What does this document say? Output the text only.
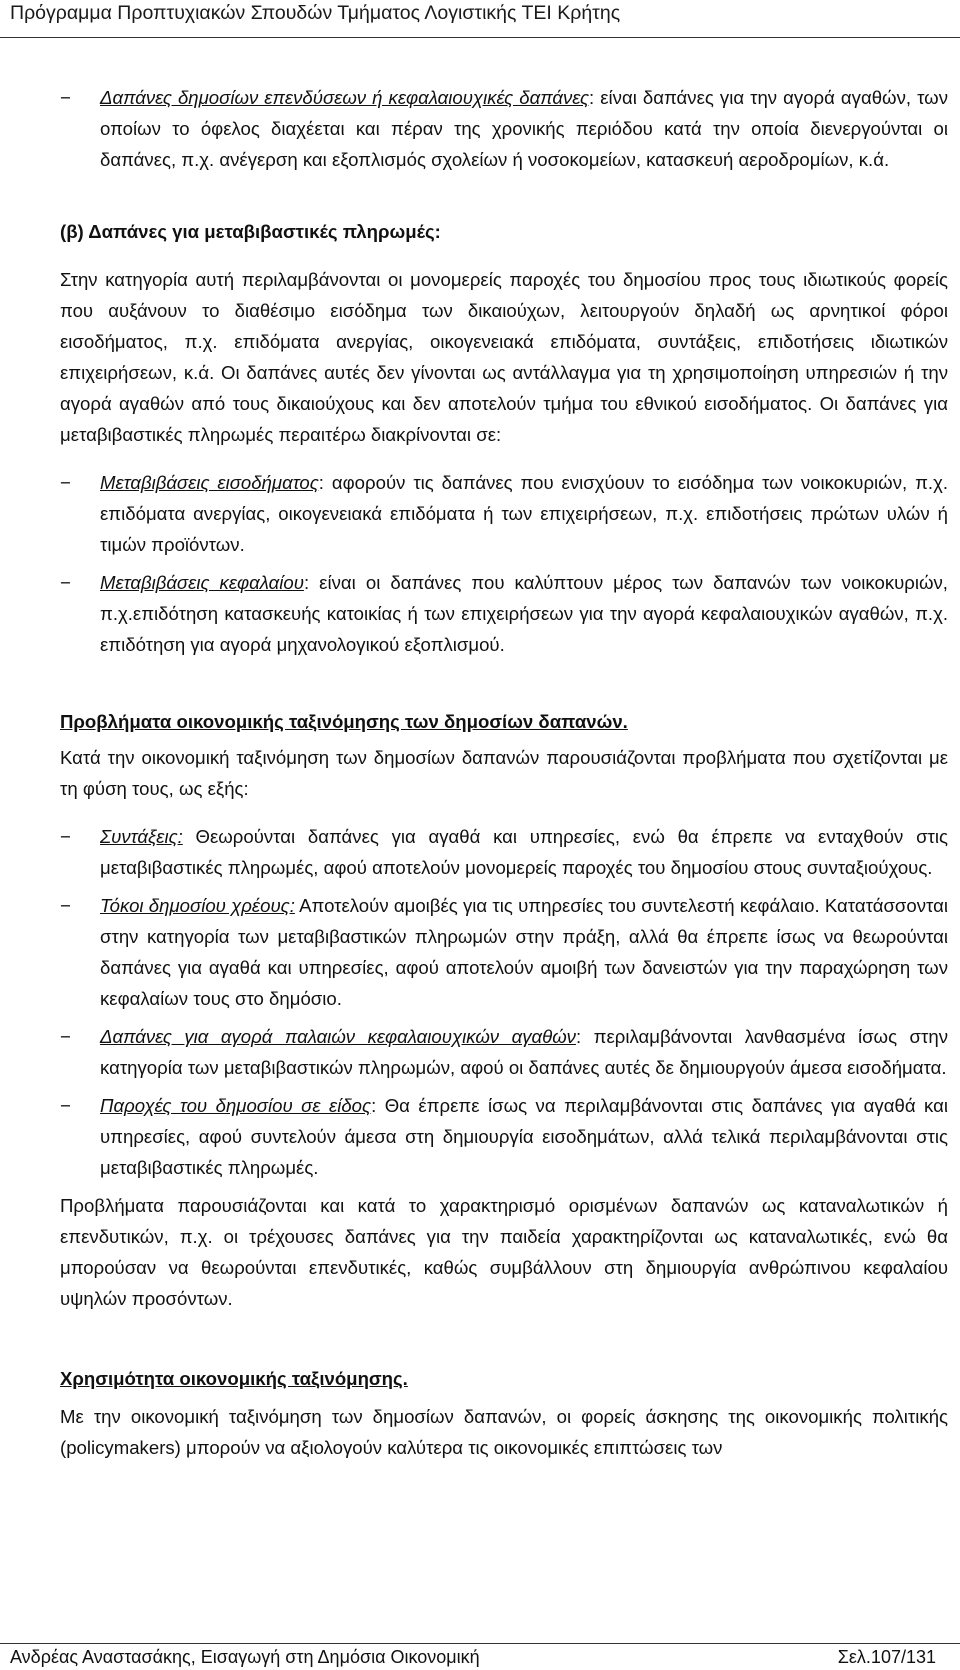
Πρόγραμμα Προπτυχιακών Σπουδών Τμήματος Λογιστικής ΤΕΙ Κρήτης

−	Δαπάνες δημοσίων επενδύσεων ή κεφαλαιουχικές δαπάνες: είναι δαπάνες για την αγορά αγαθών, των οποίων το όφελος διαχέεται και πέραν της χρονικής περιόδου κατά την οποία διενεργούνται οι δαπάνες, π.χ. ανέγερση και εξοπλισμός σχολείων ή νοσοκομείων, κατασκευή αεροδρομίων, κ.ά.

(β) Δαπάνες για μεταβιβαστικές πληρωμές:

Στην κατηγορία αυτή περιλαμβάνονται οι μονομερείς παροχές του δημοσίου προς τους ιδιωτικούς φορείς που αυξάνουν το διαθέσιμο εισόδημα των δικαιούχων, λειτουργούν δηλαδή ως αρνητικοί φόροι εισοδήματος, π.χ. επιδόματα ανεργίας, οικογενειακά επιδόματα, συντάξεις, επιδοτήσεις ιδιωτικών επιχειρήσεων, κ.ά. Οι δαπάνες αυτές δεν γίνονται ως αντάλλαγμα για τη χρησιμοποίηση υπηρεσιών ή την αγορά αγαθών από τους δικαιούχους και δεν αποτελούν τμήμα του εθνικού εισοδήματος. Οι δαπάνες για μεταβιβαστικές πληρωμές περαιτέρω διακρίνονται σε:

−	Μεταβιβάσεις εισοδήματος: αφορούν τις δαπάνες που ενισχύουν το εισόδημα των νοικοκυριών, π.χ. επιδόματα ανεργίας, οικογενειακά επιδόματα ή των επιχειρήσεων, π.χ. επιδοτήσεις πρώτων υλών ή τιμών προϊόντων.

−	Μεταβιβάσεις κεφαλαίου: είναι οι δαπάνες που καλύπτουν μέρος των δαπανών των νοικοκυριών, π.χ.επιδότηση κατασκευής κατοικίας ή των επιχειρήσεων για την αγορά κεφαλαιουχικών αγαθών, π.χ. επιδότηση για αγορά μηχανολογικού εξοπλισμού.

Προβλήματα οικονομικής ταξινόμησης των δημοσίων δαπανών.

Κατά την οικονομική ταξινόμηση των δημοσίων δαπανών παρουσιάζονται προβλήματα που σχετίζονται με τη φύση τους, ως εξής:

−	Συντάξεις: Θεωρούνται δαπάνες για αγαθά και υπηρεσίες, ενώ θα έπρεπε να ενταχθούν στις μεταβιβαστικές πληρωμές, αφού αποτελούν μονομερείς παροχές του δημοσίου στους συνταξιούχους.

−	Τόκοι δημοσίου χρέους: Αποτελούν αμοιβές για τις υπηρεσίες του συντελεστή κεφάλαιο. Κατατάσσονται στην κατηγορία των μεταβιβαστικών πληρωμών στην πράξη, αλλά θα έπρεπε ίσως να θεωρούνται δαπάνες για αγαθά και υπηρεσίες, αφού αποτελούν αμοιβή των δανειστών για την παραχώρηση των κεφαλαίων τους στο δημόσιο.

−	Δαπάνες για αγορά παλαιών κεφαλαιουχικών αγαθών: περιλαμβάνονται λανθασμένα ίσως στην κατηγορία των μεταβιβαστικών πληρωμών, αφού οι δαπάνες αυτές δε δημιουργούν άμεσα εισοδήματα.

−	Παροχές του δημοσίου σε είδος: Θα έπρεπε ίσως να περιλαμβάνονται στις δαπάνες για αγαθά και υπηρεσίες, αφού συντελούν άμεσα στη δημιουργία εισοδημάτων, αλλά τελικά περιλαμβάνονται στις μεταβιβαστικές πληρωμές.

Προβλήματα παρουσιάζονται και κατά το χαρακτηρισμό ορισμένων δαπανών ως καταναλωτικών ή επενδυτικών, π.χ. οι τρέχουσες δαπάνες για την παιδεία χαρακτηρίζονται ως καταναλωτικές, ενώ θα μπορούσαν να θεωρούνται επενδυτικές, καθώς συμβάλλουν στη δημιουργία ανθρώπινου κεφαλαίου υψηλών προσόντων.

Χρησιμότητα οικονομικής ταξινόμησης.

Με την οικονομική ταξινόμηση των δημοσίων δαπανών, οι φορείς άσκησης της οικονομικής πολιτικής (policymakers) μπορούν να αξιολογούν καλύτερα τις οικονομικές επιπτώσεις των

Ανδρέας Αναστασάκης, Εισαγωγή στη Δημόσια Οικονομική	Σελ.107/131
